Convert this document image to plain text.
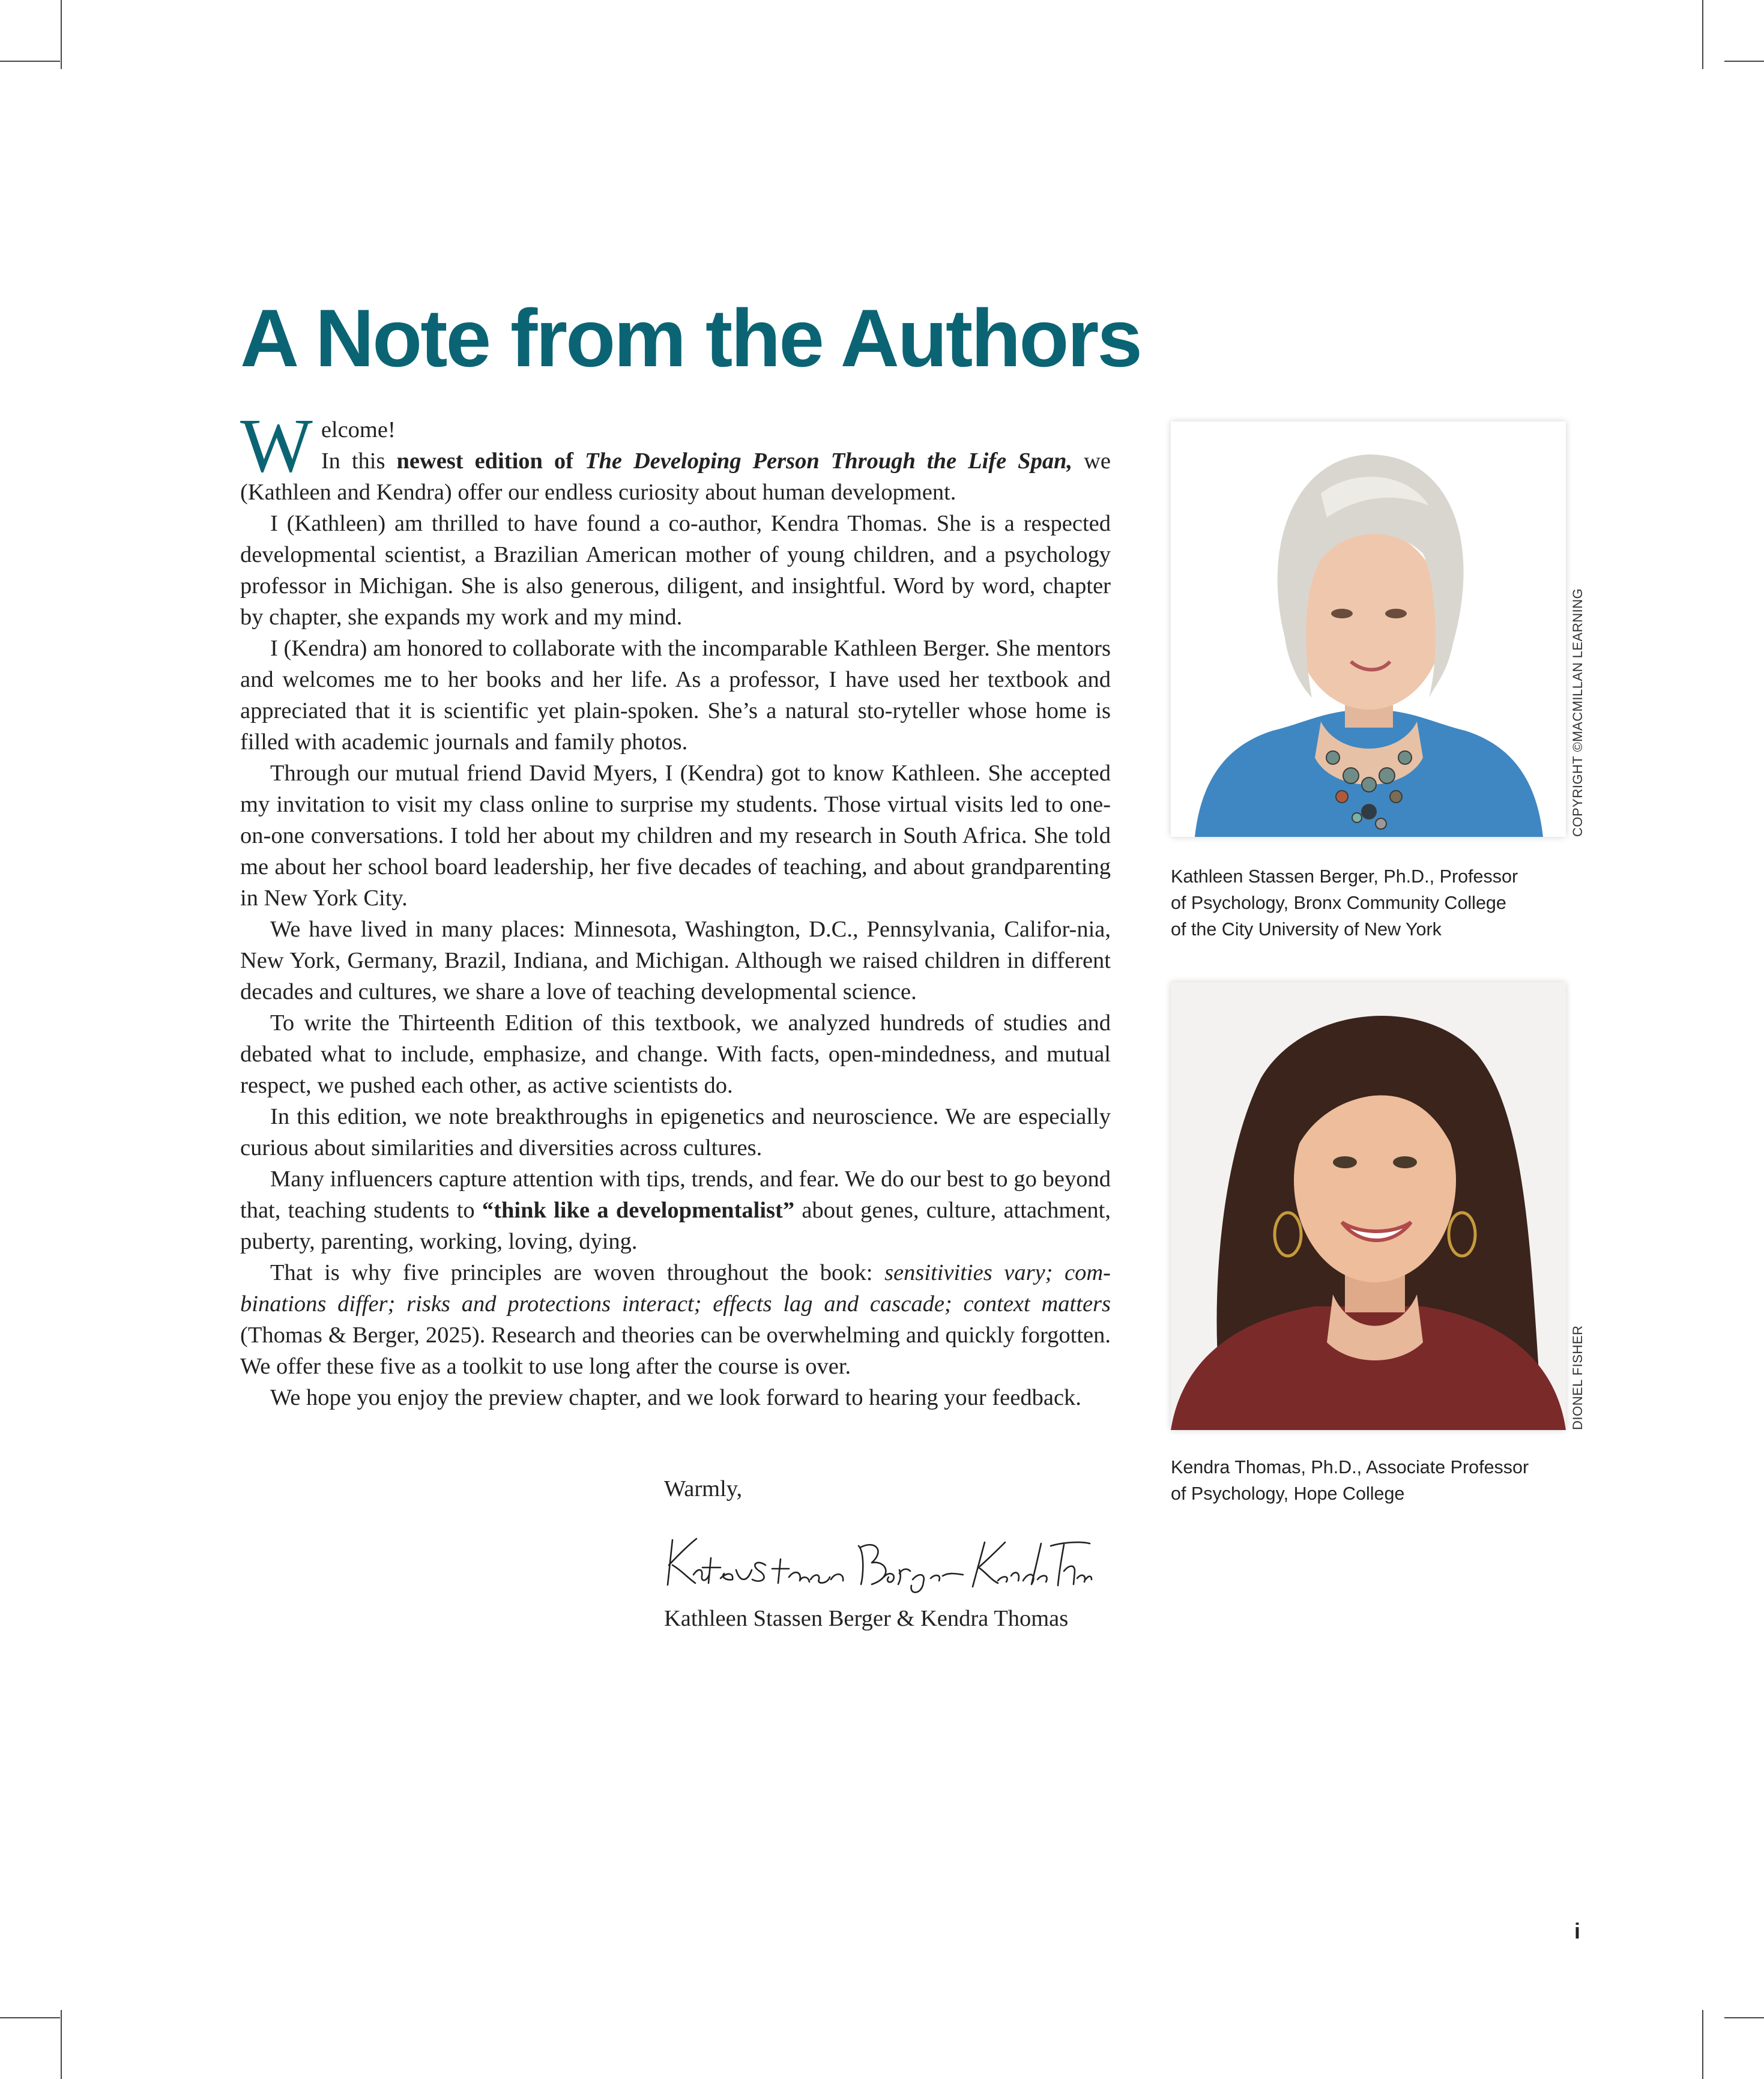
A Note from the Authors

Welcome!
In this newest edition of The Developing Person Through the Life Span, we (Kathleen and Kendra) offer our endless curiosity about human development.

I (Kathleen) am thrilled to have found a co-author, Kendra Thomas. She is a respected developmental scientist, a Brazilian American mother of young children, and a psychology professor in Michigan. She is also generous, diligent, and insightful. Word by word, chapter by chapter, she expands my work and my mind.

I (Kendra) am honored to collaborate with the incomparable Kathleen Berger. She mentors and welcomes me to her books and her life. As a professor, I have used her textbook and appreciated that it is scientific yet plain-spoken. She’s a natural sto-ryteller whose home is filled with academic journals and family photos.

Through our mutual friend David Myers, I (Kendra) got to know Kathleen. She accepted my invitation to visit my class online to surprise my students. Those virtual visits led to one-on-one conversations. I told her about my children and my research in South Africa. She told me about her school board leadership, her five decades of teaching, and about grandparenting in New York City.

We have lived in many places: Minnesota, Washington, D.C., Pennsylvania, Califor-nia, New York, Germany, Brazil, Indiana, and Michigan. Although we raised children in different decades and cultures, we share a love of teaching developmental science.

To write the Thirteenth Edition of this textbook, we analyzed hundreds of studies and debated what to include, emphasize, and change. With facts, open-mindedness, and mutual respect, we pushed each other, as active scientists do.

In this edition, we note breakthroughs in epigenetics and neuroscience. We are especially curious about similarities and diversities across cultures.

Many influencers capture attention with tips, trends, and fear. We do our best to go beyond that, teaching students to “think like a developmentalist” about genes, culture, attachment, puberty, parenting, working, loving, dying.

That is why five principles are woven throughout the book: sensitivities vary; com-binations differ; risks and protections interact; effects lag and cascade; context matters (Thomas & Berger, 2025). Research and theories can be overwhelming and quickly forgotten. We offer these five as a toolkit to use long after the course is over.

We hope you enjoy the preview chapter, and we look forward to hearing your feedback.

Warmly,
Kathleen Stassen Berger & Kendra Thomas
COPYRIGHT ©MACMILLAN LEARNING
Kathleen Stassen Berger, Ph.D., Professor
of Psychology, Bronx Community College
of the City University of New York
DIONEL FISHER
Kendra Thomas, Ph.D., Associate Professor
of Psychology, Hope College
i
